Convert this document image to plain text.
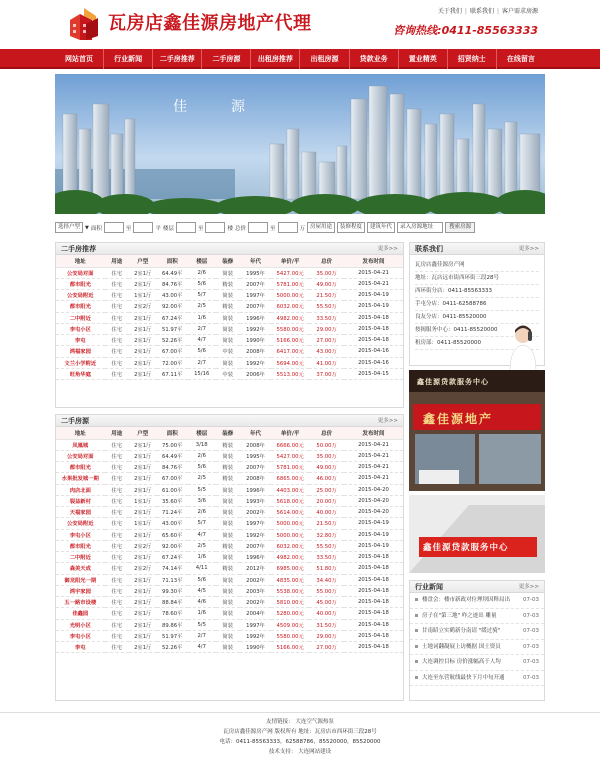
瓦房店鑫佳源房地产代理
关于我们 | 联系我们 | 客户需求房源
咨询热线:0411-85563333
网站首页	行业新闻	二手房推荐	二手房源	出租房推荐	出租房源	贷款业务	置业精英	招贤纳士	在线留言
佳	源
选择户型	▼ 面积	至	平 楼层	至	楼 总价	至	万 房屋用途	装修程度	建筑年代	录入房源地址	搜索房源
二手房推荐	更多>>
地址	用途	户型	面积	楼层	装修	年代	单价/平	总价	发布时间
公安局对面	住宅	2室1厅	64.49平	2/6	简装	1995年	5427.00元	35.00万	2015-04-21
都市阳光	住宅	2室1厅	84.76平	5/6	精装	2007年	5781.00元	49.00万	2015-04-21
公安局附近	住宅	1室1厅	43.00平	5/7	简装	1997年	5000.00元	21.50万	2015-04-19
都市阳光	住宅	2室2厅	92.00平	2/5	精装	2007年	6032.00元	55.50万	2015-04-19
二中附近	住宅	2室1厅	67.24平	1/6	简装	1996年	4982.00元	33.50万	2015-04-18
李屯小区	住宅	2室1厅	51.97平	2/7	简装	1992年	5580.00元	29.00万	2015-04-18
李屯	住宅	2室1厅	52.26平	4/7	简装	1990年	5166.00元	27.00万	2015-04-18
鸿福家园	住宅	2室1厅	67.00平	5/6	中装	2008年	6417.00元	43.00万	2015-04-16
文兰小学附近	住宅	2室1厅	72.00平	2/7	简装	1992年	5694.00元	41.00万	2015-04-16
旺角华庭	住宅	2室1厅	67.11平	15/16	中装	2006年	5513.00元	37.00万	2015-04-15
二手房源	更多>>
地址	用途	户型	面积	楼层	装修	年代	单价/平	总价	发布时间
凤凰城	住宅	2室1厅	75.00平	3/18	精装	2008年	6666.00元	50.00万	2015-04-21
公安局对面	住宅	2室1厅	64.49平	2/6	简装	1995年	5427.00元	35.00万	2015-04-21
都市阳光	住宅	2室1厅	84.76平	5/6	精装	2007年	5781.00元	49.00万	2015-04-21
水果批发城一期	住宅	2室1厅	67.00平	2/5	精装	2008年	6865.00元	46.00万	2015-04-21
肉店北面	住宅	2室1厅	61.00平	5/5	简装	1996年	4403.00元	25.00万	2015-04-20
裂益新村	住宅	1室1厅	35.60平	3/6	简装	1993年	5618.00元	20.00万	2015-04-20
天福家园	住宅	2室1厅	71.24平	2/6	简装	2002年	5614.00元	40.00万	2015-04-20
公安局附近	住宅	1室1厅	43.00平	5/7	简装	1997年	5000.00元	21.50万	2015-04-19
李屯小区	住宅	2室1厅	65.60平	4/7	简装	1992年	5000.00元	32.80万	2015-04-19
都市阳光	住宅	2室2厅	92.00平	2/5	精装	2007年	6032.00元	55.50万	2015-04-19
二中附近	住宅	2室1厅	67.24平	1/6	简装	1996年	4982.00元	33.50万	2015-04-18
森美天成	住宅	2室2厅	74.14平	4/11	精装	2012年	6985.00元	51.80万	2015-04-18
御龙阳光一期	住宅	2室1厅	71.13平	5/6	简装	2002年	4835.00元	34.40万	2015-04-18
鸿宇家园	住宅	2室1厅	99.30平	4/5	简装	2003年	5538.00元	55.00万	2015-04-18
五一路市设楼	住宅	2室1厅	88.84平	4/6	简装	2002年	5810.00元	45.00万	2015-04-18
佳鑫园	住宅	2室1厅	78.60平	1/6	简装	2004年	5280.00元	40.00万	2015-04-18
光明小区	住宅	2室1厅	89.86平	5/5	简装	1997年	4509.00元	31.50万	2015-04-18
李屯小区	住宅	2室1厅	51.97平	2/7	简装	1992年	5580.00元	29.00万	2015-04-18
李屯	住宅	2室1厅	52.26平	4/7	简装	1990年	5166.00元	27.00万	2015-04-18
联系我们	更多>>
瓦房店鑫佳源房产网
地址：瓦店远市街西环街三段28号
西环街分店：0411-85563333
手屯分店：0411-62588786
良友分店：0411-85520000
按揭服务中心：0411-85520000
租房部：0411-85520000
鑫佳源贷款服务中心
鑫佳源地产
鑫佳源贷款服务中心
行业新闻	更多>>
楼盘会：楼市新政对位理坝因释局出 07-03
房子在"第三地" 咋之迹出 雕量	07-03
甘南昭立实鹤新分南请 "缓过骑"	07-03
土地词翻凝展上访概据 国土资员	07-03
大连调控目标 房价涨幅高于人均	07-03
大连至东营航线最快下月中旬开通	07-03
友情链接： 大连空气源热泵
瓦房店鑫佳源房产网 版权所有 地址：瓦房店市西环街三段28号
电话：0411-85563333，62588786，85520000，85520000
技术支持： 大连网站建设
